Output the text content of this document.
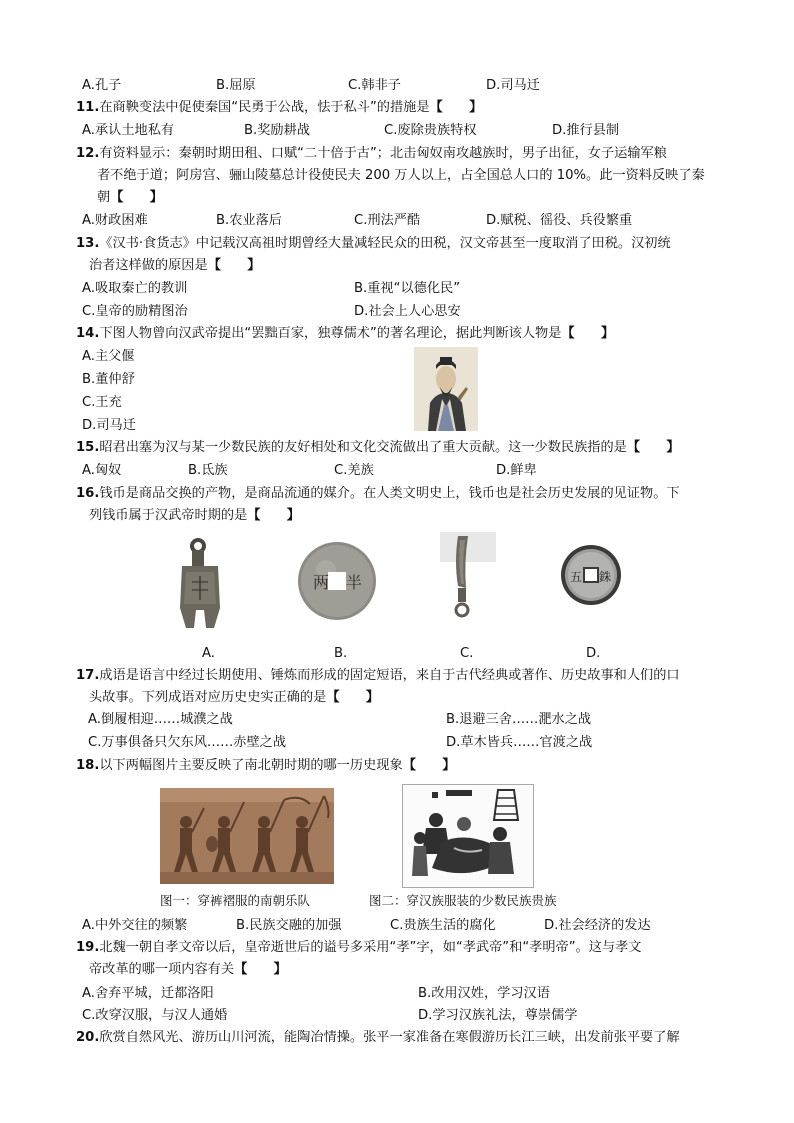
A.孔子	B.屈原	C.韩非子	D.司马迁
11.在商鞅变法中促使秦国“民勇于公战，怯于私斗”的措施是【　　】
A.承认土地私有	B.奖励耕战	C.废除贵族特权	D.推行县制
12.有资料显示：秦朝时期田租、口赋“二十倍于古”；北击匈奴南攻越族时，男子出征，女子运输军粮
者不绝于道；阿房宫、骊山陵墓总计役使民夫 200 万人以上，占全国总人口的 10%。此一资料反映了秦
朝【　　】
A.财政困难	B.农业落后	C.刑法严酷	D.赋税、徭役、兵役繁重
13.《汉书·食货志》中记载汉高祖时期曾经大量减轻民众的田税，汉文帝甚至一度取消了田税。汉初统
治者这样做的原因是【　　】
A.吸取秦亡的教训	B.重视“以德化民”
C.皇帝的励精图治	D.社会上人心思安
14.下图人物曾向汉武帝提出“罢黜百家，独尊儒术”的著名理论，据此判断该人物是【　　】
A.主父偃
B.董仲舒
C.王充
D.司马迁
15.昭君出塞为汉与某一少数民族的友好相处和文化交流做出了重大贡献。这一少数民族指的是【　　】
A.匈奴	B.氐族	C.羌族	D.鲜卑
16.钱币是商品交换的产物，是商品流通的媒介。在人类文明史上，钱币也是社会历史发展的见证物。下
列钱币属于汉武帝时期的是【　　】
两 半	五 銖
A.	B.	C.	D.
17.成语是语言中经过长期使用、锤炼而形成的固定短语，来自于古代经典或著作、历史故事和人们的口
头故事。下列成语对应历史史实正确的是【　　】
A.倒履相迎……城濮之战	B.退避三舍……淝水之战
C.万事俱备只欠东风……赤壁之战	D.草木皆兵……官渡之战
18.以下两幅图片主要反映了南北朝时期的哪一历史现象【　　】
图一：穿裤褶服的南朝乐队	图二：穿汉族服装的少数民族贵族
A.中外交往的频繁	B.民族交融的加强	C.贵族生活的腐化	D.社会经济的发达
19.北魏一朝自孝文帝以后，皇帝逝世后的谥号多采用“孝”字，如“孝武帝”和“孝明帝”。这与孝文
帝改革的哪一项内容有关【　　】
A.舍弃平城，迁都洛阳	B.改用汉姓，学习汉语
C.改穿汉服，与汉人通婚	D.学习汉族礼法，尊崇儒学
20.欣赏自然风光、游历山川河流，能陶冶情操。张平一家准备在寒假游历长江三峡，出发前张平要了解
